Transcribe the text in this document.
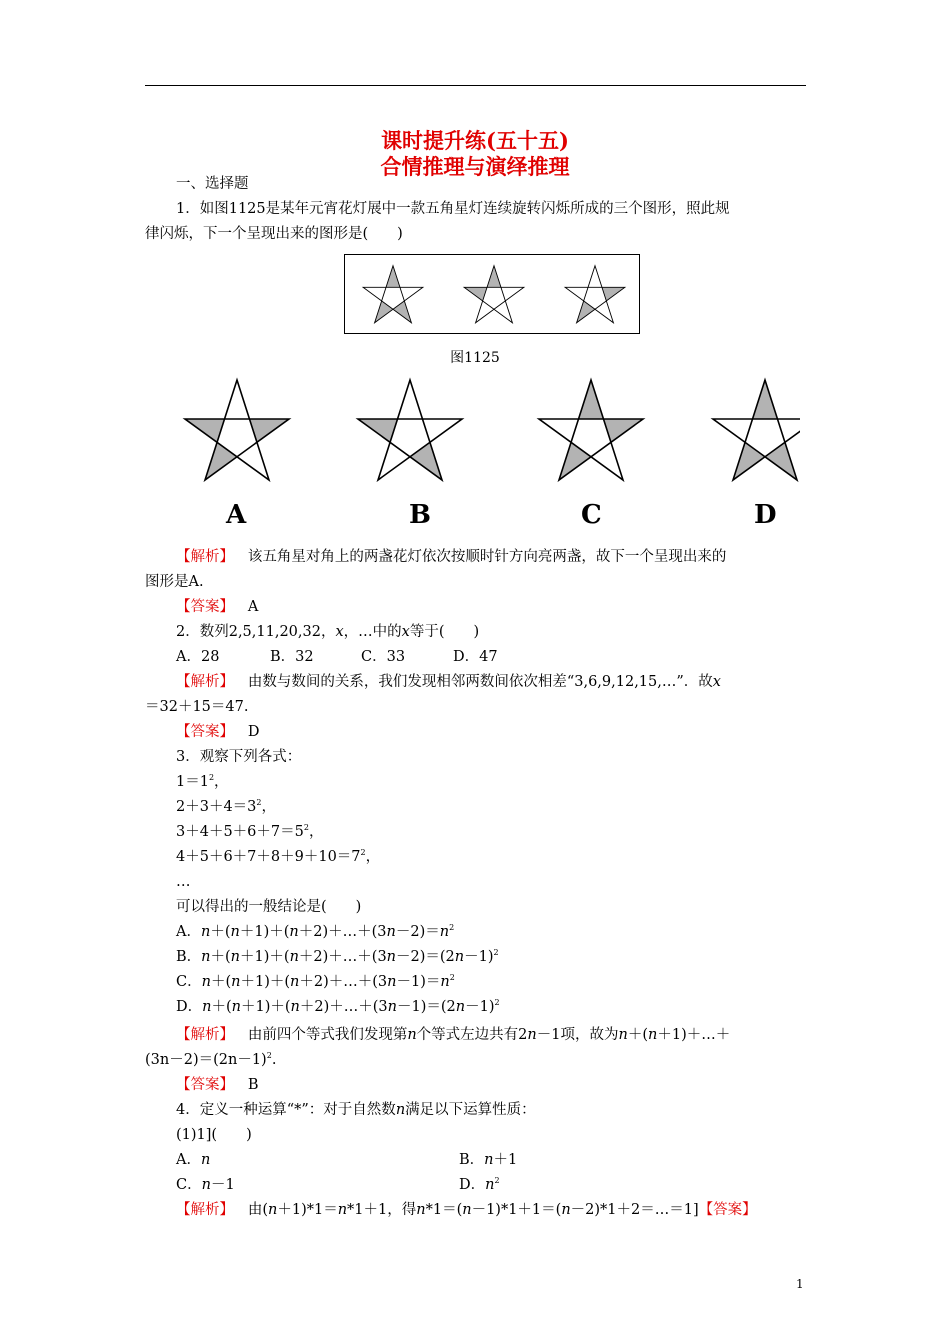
课时提升练(五十五)
合情推理与演绎推理
一、选择题
1．如图1125是某年元宵花灯展中一款五角星灯连续旋转闪烁所成的三个图形，照此规
律闪烁，下一个呈现出来的图形是(　　)
图1125
A	B	C	D
【解析】 该五角星对角上的两盏花灯依次按顺时针方向亮两盏，故下一个呈现出来的
图形是A.
【答案】 A
2．数列2,5,11,20,32，x，…中的x等于(　　)
A．28	B．32	C．33	D．47
【解析】 由数与数间的关系，我们发现相邻两数间依次相差“3,6,9,12,15,…”．故x
＝32＋15＝47.
【答案】 D
3．观察下列各式：
$1=1^2$，
$2+3+4=3^2$，
$3+4+5+6+7=5^2$，
$4+5+6+7+8+9+10=7^2$，
…
可以得出的一般结论是(　　)
A．$n+(n+1)+(n+2)+\dots+(3n-2)=n^2$
B．$n+(n+1)+(n+2)+\dots+(3n-2)=(2n-1)^2$
C．$n+(n+1)+(n+2)+\dots+(3n-1)=n^2$
D．$n+(n+1)+(n+2)+\dots+(3n-1)=(2n-1)^2$
【解析】 由前四个等式我们发现第n个等式左边共有2n－1项，故为n＋(n＋1)＋…＋
$(3n-2)=(2n-1)^2$.
【答案】 B
4．定义一种运算“*”：对于自然数n满足以下运算性质：
(1)1](　　)
A．n	B．n＋1
C．n－1	D．$n^2$
【解析】 由(n＋1)*1＝n*1＋1，得n*1＝(n－1)*1＋1＝(n－2)*1＋2＝…＝1]【答案】
1
